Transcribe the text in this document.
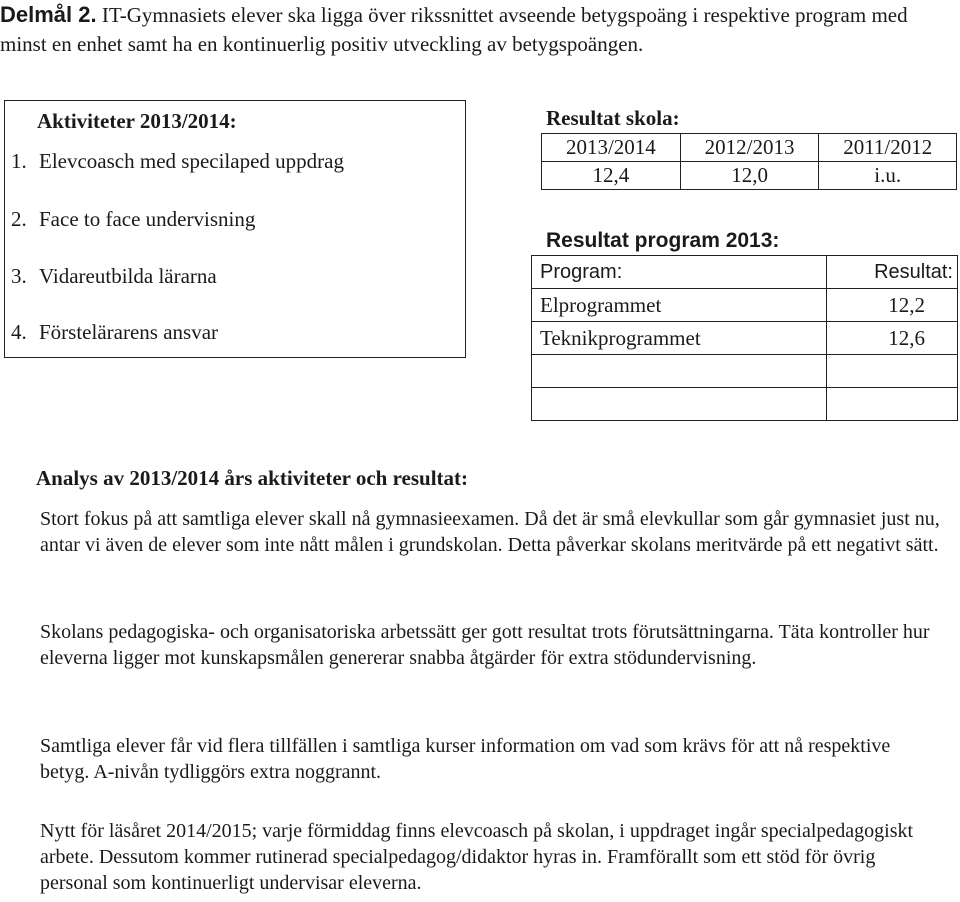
Delmål 2. IT-Gymnasiets elever ska ligga över rikssnittet avseende betygspoäng i respektive program med minst en enhet samt ha en kontinuerlig positiv utveckling av betygspoängen.
Aktiviteter 2013/2014:
1. Elevcoasch med specilaped uppdrag
2. Face to face undervisning
3. Vidareutbilda lärarna
4. Förstelärarens ansvar
Resultat skola:
2013/2014	2012/2013	2011/2012
12,4	12,0	i.u.
Resultat program 2013:
Program:	Resultat:
Elprogrammet	12,2
Teknikprogrammet	12,6

Analys av 2013/2014 års aktiviteter och resultat:

Stort fokus på att samtliga elever skall nå gymnasieexamen. Då det är små elevkullar som går gymnasiet just nu, antar vi även de elever som inte nått målen i grundskolan. Detta påverkar skolans meritvärde på ett negativt sätt.

Skolans pedagogiska- och organisatoriska arbetssätt ger gott resultat trots förutsättningarna. Täta kontroller hur eleverna ligger mot kunskapsmålen genererar snabba åtgärder för extra stödundervisning.

Samtliga elever får vid flera tillfällen i samtliga kurser information om vad som krävs för att nå respektive betyg. A-nivån tydliggörs extra noggrannt.

Nytt för läsåret 2014/2015; varje förmiddag finns elevcoasch på skolan, i uppdraget ingår specialpedagogiskt arbete. Dessutom kommer rutinerad specialpedagog/didaktor hyras in. Framförallt som ett stöd för övrig personal som kontinuerligt undervisar eleverna.
